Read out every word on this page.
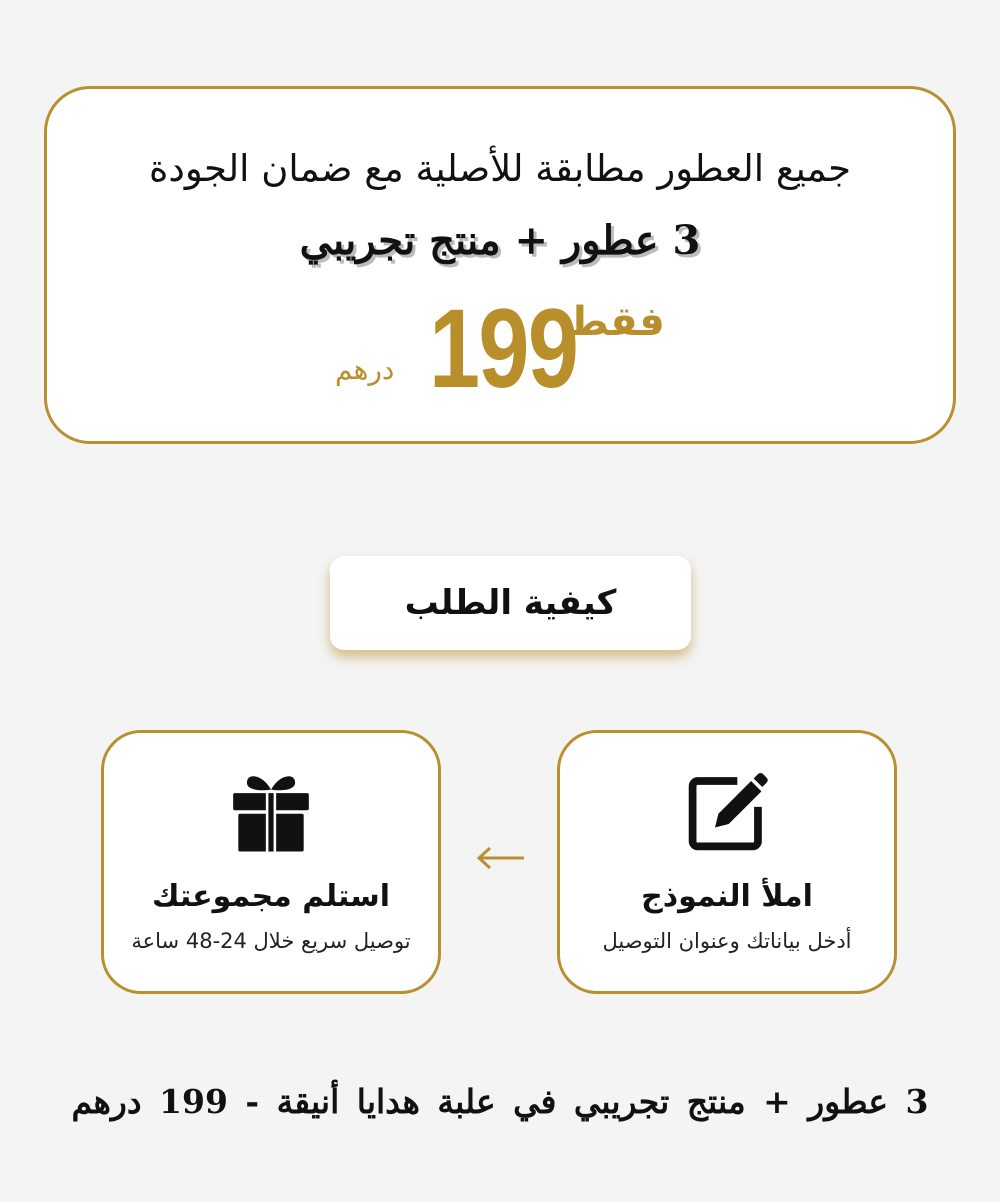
جميع العطور مطابقة للأصلية مع ضمان الجودة
3 عطور + منتج تجريبي
فقط
199
درهم
كيفية الطلب
املأ النموذج
أدخل بياناتك وعنوان التوصيل
استلم مجموعتك
توصيل سريع خلال 24-48 ساعة
3 عطور + منتج تجريبي في علبة هدايا أنيقة - 199 درهم
